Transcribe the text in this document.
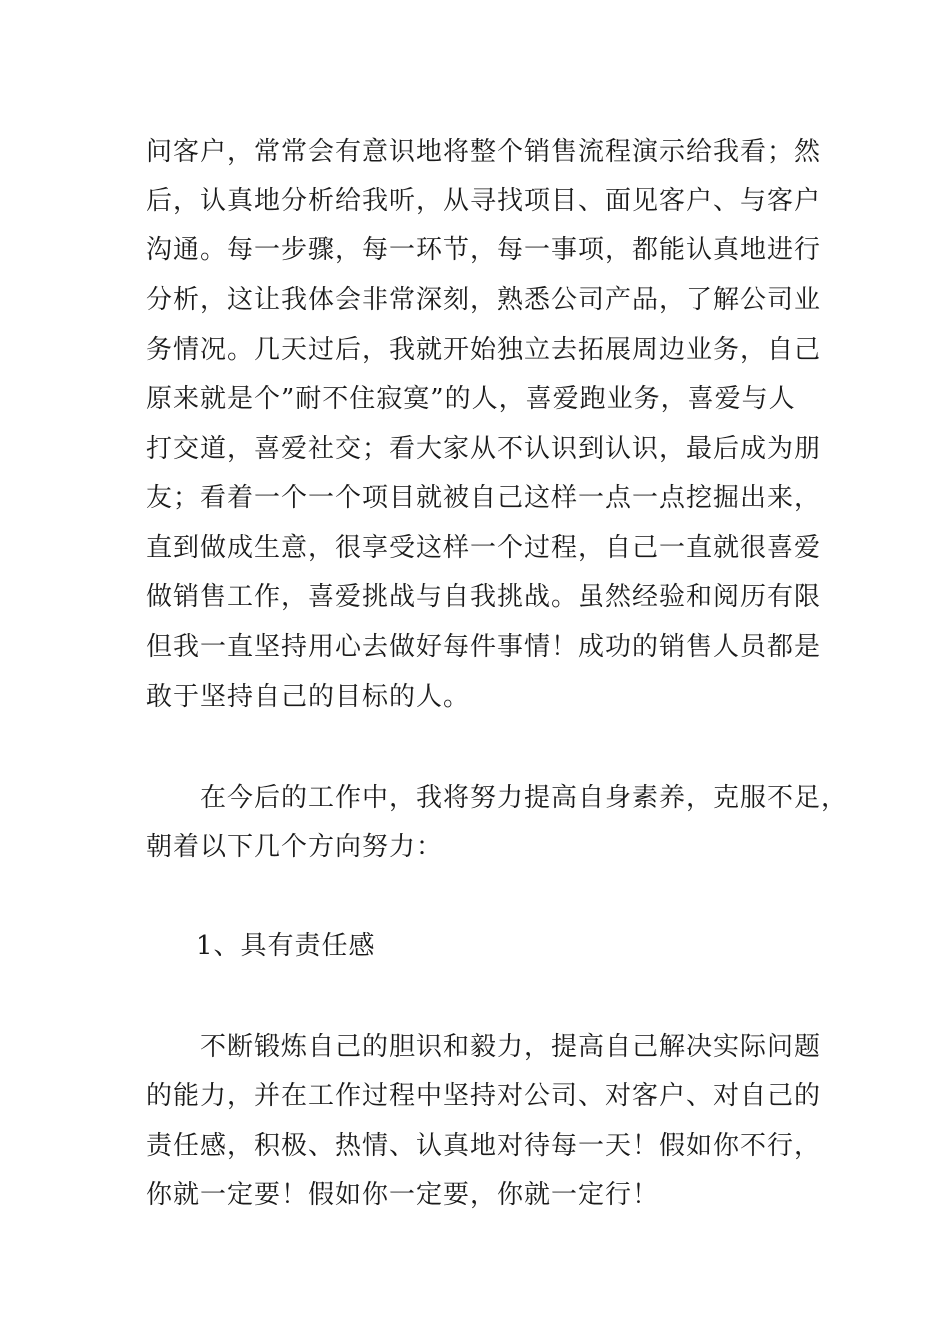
问客户，常常会有意识地将整个销售流程演示给我看；然
后，认真地分析给我听，从寻找项目、面见客户、与客户
沟通。每一步骤，每一环节，每一事项，都能认真地进行
分析，这让我体会非常深刻，熟悉公司产品，了解公司业
务情况。几天过后，我就开始独立去拓展周边业务，自己
原来就是个”耐不住寂寞”的人，喜爱跑业务，喜爱与人
打交道，喜爱社交；看大家从不认识到认识，最后成为朋
友；看着一个一个项目就被自己这样一点一点挖掘出来，
直到做成生意，很享受这样一个过程，自己一直就很喜爱
做销售工作，喜爱挑战与自我挑战。虽然经验和阅历有限
但我一直坚持用心去做好每件事情！成功的销售人员都是
敢于坚持自己的目标的人。
在今后的工作中，我将努力提高自身素养，克服不足，
朝着以下几个方向努力：
1、具有责任感
不断锻炼自己的胆识和毅力，提高自己解决实际问题
的能力，并在工作过程中坚持对公司、对客户、对自己的
责任感，积极、热情、认真地对待每一天！假如你不行，
你就一定要！假如你一定要，你就一定行！
